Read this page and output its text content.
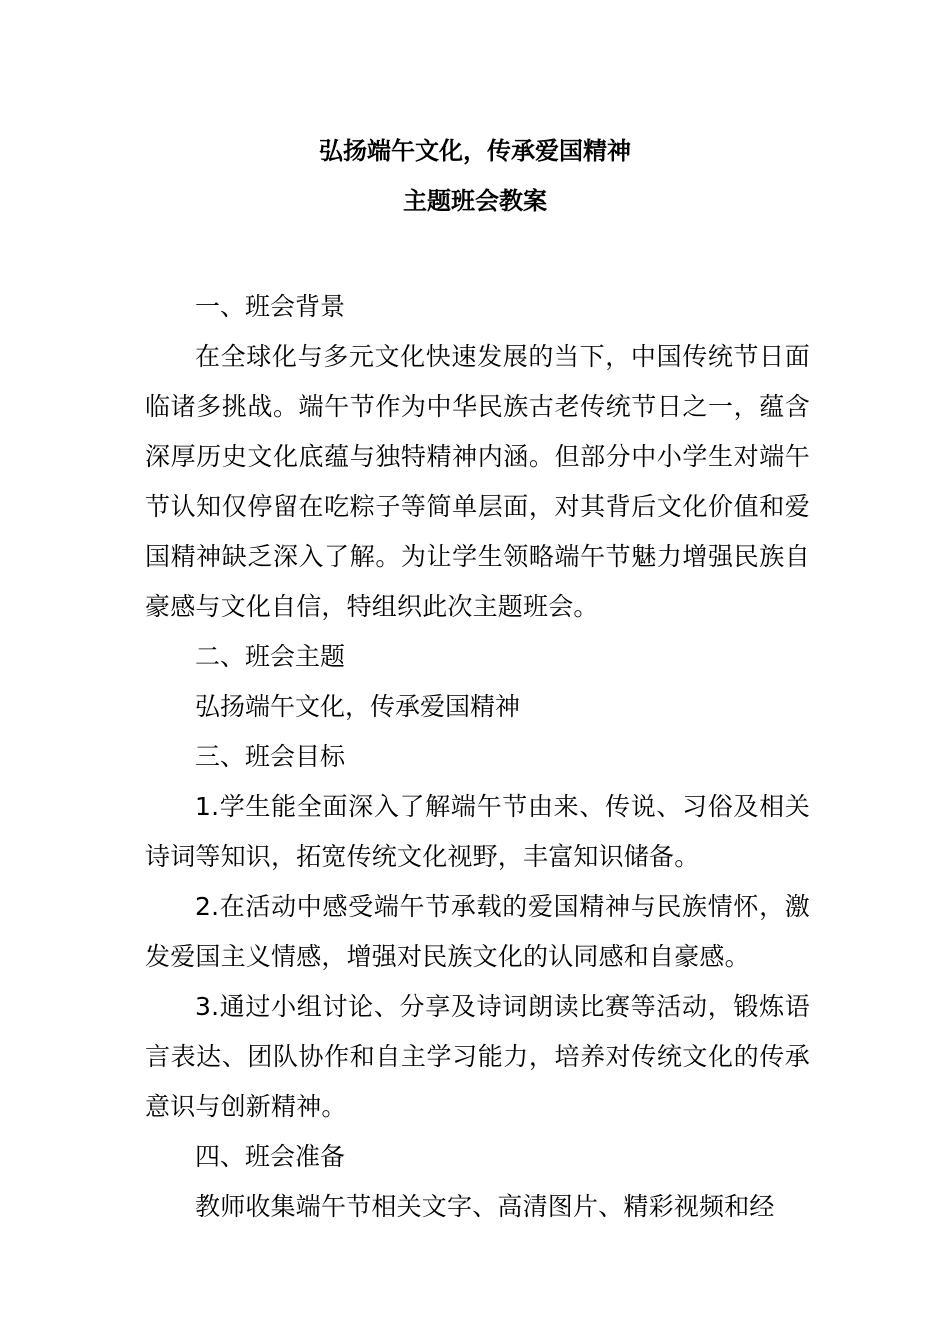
弘扬端午文化，传承爱国精神
主题班会教案

一、班会背景

在全球化与多元文化快速发展的当下，中国传统节日面临诸多挑战。端午节作为中华民族古老传统节日之一，蕴含深厚历史文化底蕴与独特精神内涵。但部分中小学生对端午节认知仅停留在吃粽子等简单层面，对其背后文化价值和爱国精神缺乏深入了解。为让学生领略端午节魅力增强民族自豪感与文化自信，特组织此次主题班会。

二、班会主题

弘扬端午文化，传承爱国精神

三、班会目标

1.学生能全面深入了解端午节由来、传说、习俗及相关诗词等知识，拓宽传统文化视野，丰富知识储备。

2.在活动中感受端午节承载的爱国精神与民族情怀，激发爱国主义情感，增强对民族文化的认同感和自豪感。

3.通过小组讨论、分享及诗词朗读比赛等活动，锻炼语言表达、团队协作和自主学习能力，培养对传统文化的传承意识与创新精神。

四、班会准备

教师收集端午节相关文字、高清图片、精彩视频和经
